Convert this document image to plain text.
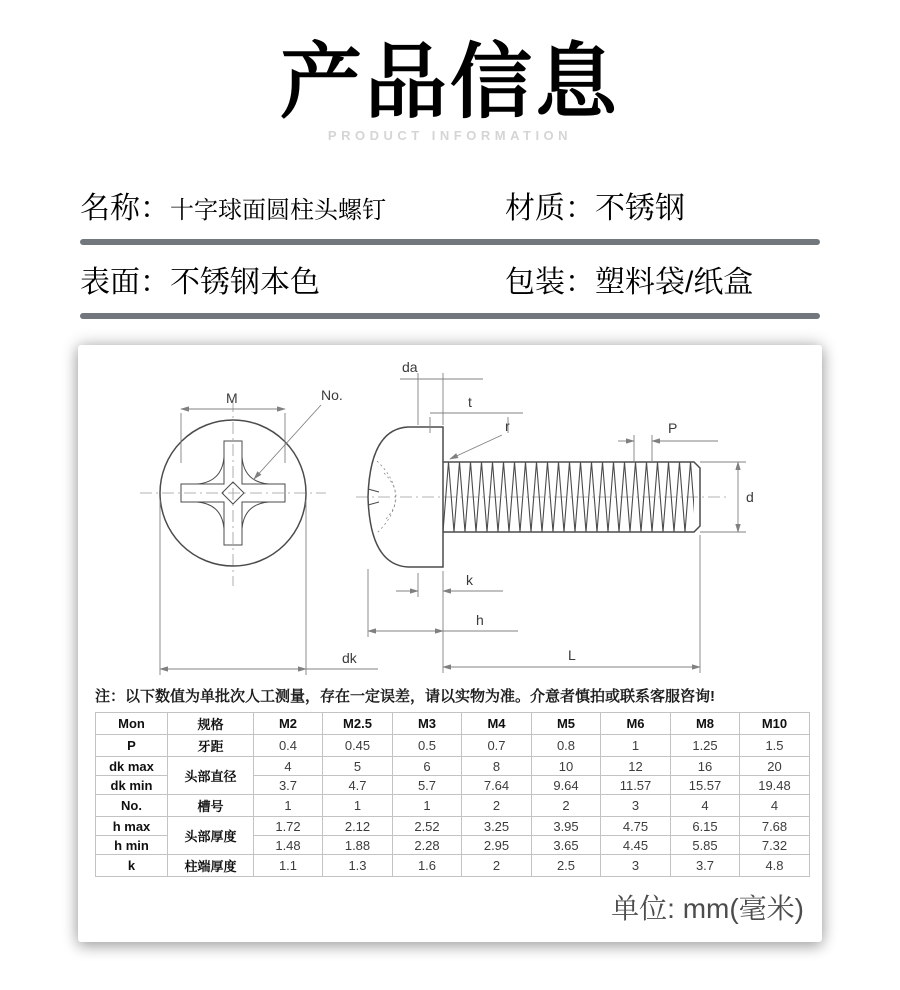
产品信息
PRODUCT INFORMATION
名称： 十字球面圆柱头螺钉	材质： 不锈钢
表面： 不锈钢本色	包装： 塑料袋/纸盒
M	No.
dk
da
t
r	P
d
k
h
L
注：以下数值为单批次人工测量，存在一定误差，请以实物为准。介意者慎拍或联系客服咨询!
Mon	规格	M2	M2.5	M3	M4	M5	M6	M8	M10
P	牙距	0.4	0.45	0.5	0.7	0.8	1	1.25	1.5
dk max	头部直径	4	5	6	8	10	12	16	20
dk min		3.7	4.7	5.7	7.64	9.64	11.57	15.57	19.48
No.	槽号	1	1	1	2	2	3	4	4
h max	头部厚度	1.72	2.12	2.52	3.25	3.95	4.75	6.15	7.68
h min		1.48	1.88	2.28	2.95	3.65	4.45	5.85	7.32
k	柱端厚度	1.1	1.3	1.6	2	2.5	3	3.7	4.8
单位: mm(毫米)
